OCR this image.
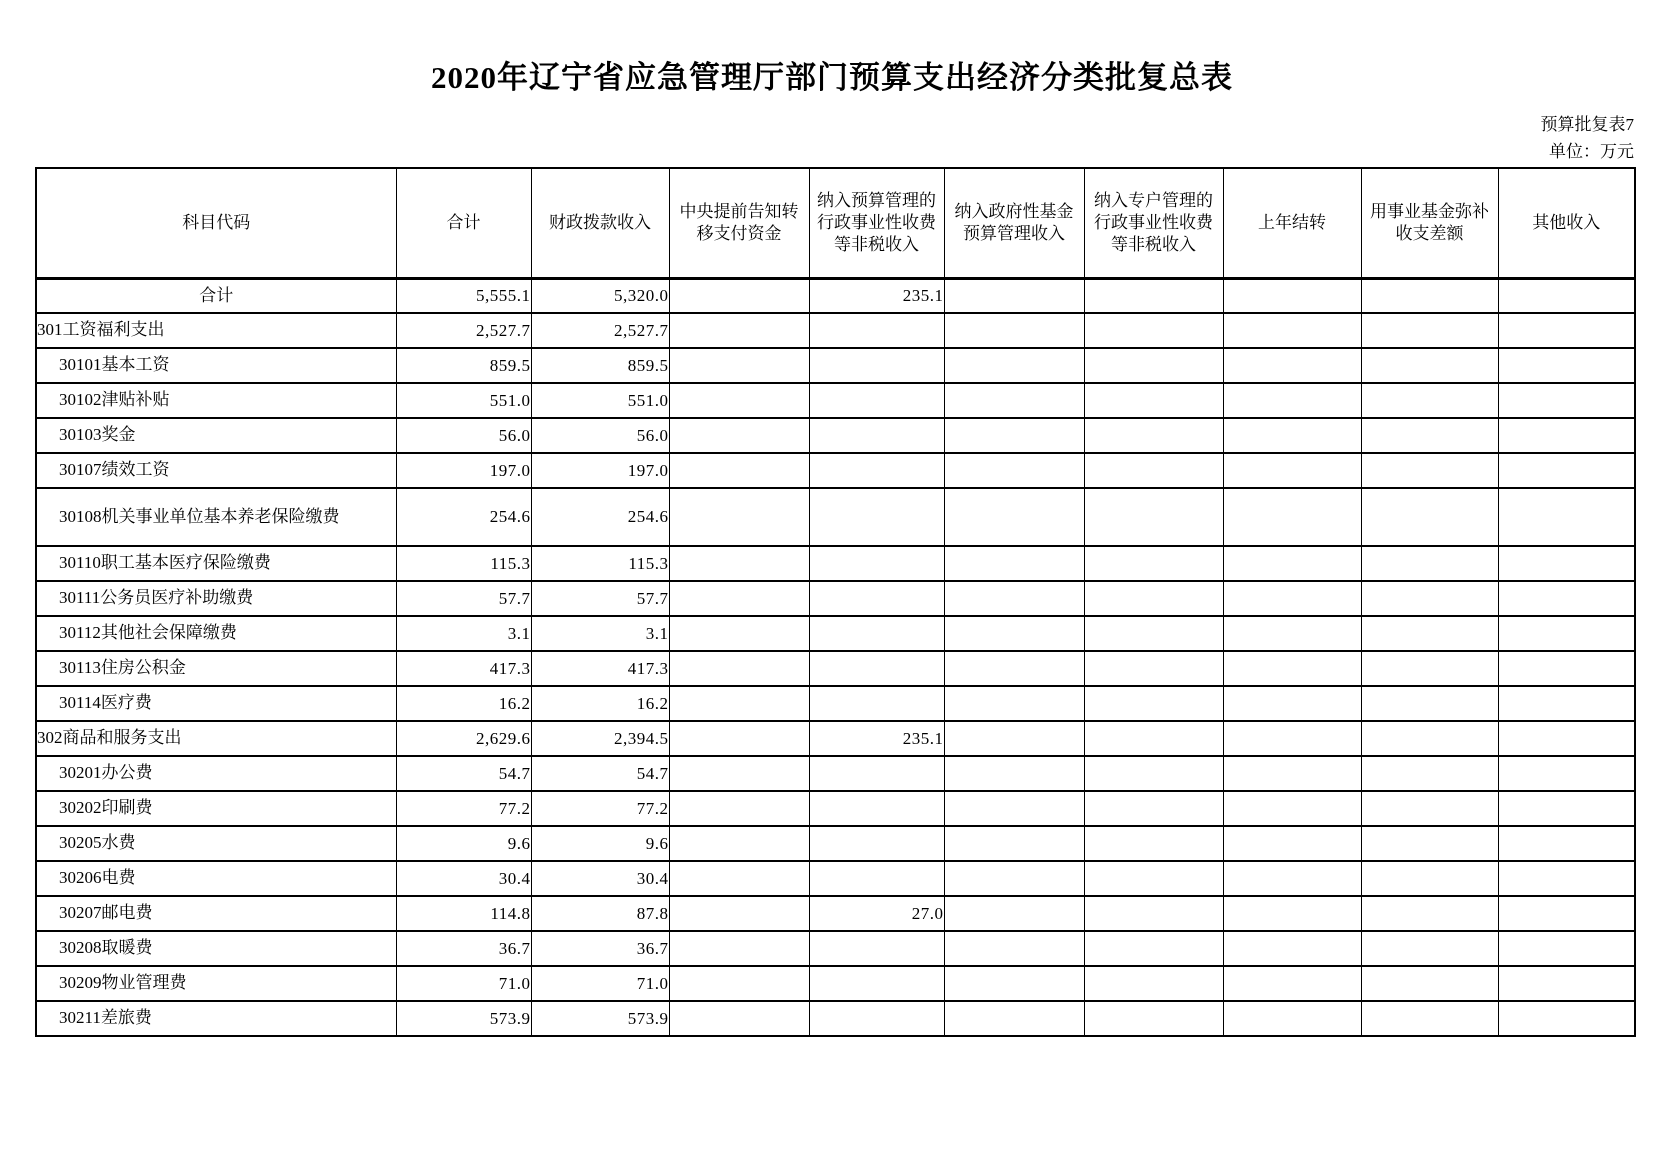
2020年辽宁省应急管理厅部门预算支出经济分类批复总表
预算批复表7
单位：万元
科目代码	合计	财政拨款收入	中央提前告知转移支付资金	纳入预算管理的行政事业性收费等非税收入	纳入政府性基金预算管理收入	纳入专户管理的行政事业性收费等非税收入	上年结转	用事业基金弥补收支差额	其他收入
合计	5,555.1	5,320.0		235.1					
301工资福利支出	2,527.7	2,527.7							
30101基本工资	859.5	859.5							
30102津贴补贴	551.0	551.0							
30103奖金	56.0	56.0							
30107绩效工资	197.0	197.0							
30108机关事业单位基本养老保险缴费	254.6	254.6							
30110职工基本医疗保险缴费	115.3	115.3							
30111公务员医疗补助缴费	57.7	57.7							
30112其他社会保障缴费	3.1	3.1							
30113住房公积金	417.3	417.3							
30114医疗费	16.2	16.2							
302商品和服务支出	2,629.6	2,394.5		235.1					
30201办公费	54.7	54.7							
30202印刷费	77.2	77.2							
30205水费	9.6	9.6							
30206电费	30.4	30.4							
30207邮电费	114.8	87.8		27.0					
30208取暖费	36.7	36.7							
30209物业管理费	71.0	71.0							
30211差旅费	573.9	573.9							
